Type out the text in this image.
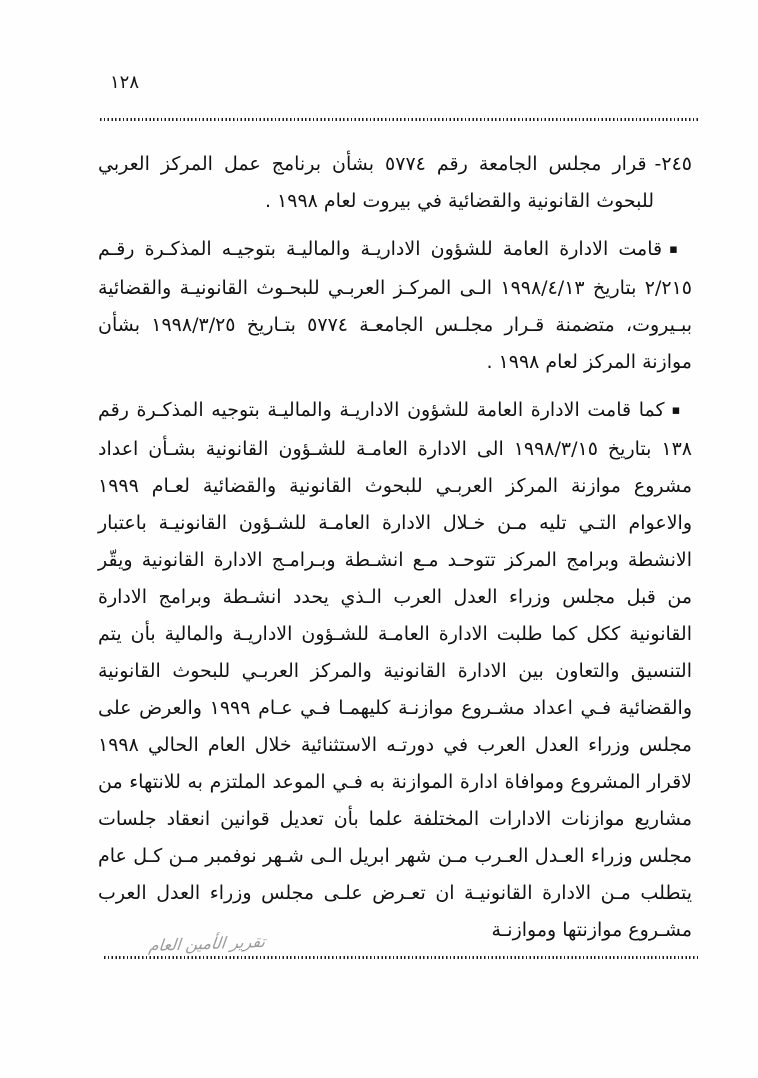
١٢٨

٢٤٥-قرار مجلس الجامعة رقم ٥٧٧٤ بشأن برنامج عمل المركز العربي للبحوث القانونية والقضائية في بيروت لعام ١٩٩٨ .

▪قامت الادارة العامة للشؤون الاداريـة والماليـة بتوجيـه المذكـرة رقـم ٢/٢١٥ بتاريخ ١٩٩٨/٤/١٣ الـى المركـز العربـي للبحـوث القانونيـة والقضائية ببـيروت، متضمنة قـرار مجلـس الجامعـة ٥٧٧٤ بتـاريخ ١٩٩٨/٣/٢٥ بشأن موازنة المركز لعام ١٩٩٨ .

▪كما قامت الادارة العامة للشؤون الاداريـة والماليـة بتوجيه المذكـرة رقم ١٣٨ بتاريخ ١٩٩٨/٣/١٥ الى الادارة العامـة للشـؤون القانونية بشـأن اعداد مشروع موازنة المركز العربـي للبحوث القانونية والقضائية لعـام ١٩٩٩ والاعوام التـي تليه مـن خـلال الادارة العامـة للشـؤون القانونيـة باعتبار الانشطة وبرامج المركز تتوحـد مـع انشـطة وبـرامـج الادارة القانونية ويقّر من قبل مجلس وزراء العدل العرب الـذي يحدد انشـطة وبرامج الادارة القانونية ككل كما طلبت الادارة العامـة للشـؤون الاداريـة والمالية بأن يتم التنسيق والتعاون بين الادارة القانونية والمركز العربـي للبحوث القانونية والقضائية فـي اعداد مشـروع موازنـة كليهمـا فـي عـام ١٩٩٩ والعرض على مجلس وزراء العدل العرب في دورتـه الاستثنائية خلال العام الحالي ١٩٩٨ لاقرار المشروع وموافاة ادارة الموازنة به فـي الموعد الملتزم به للانتهاء من مشاريع موازنات الادارات المختلفة علما بأن تعديل قوانين انعقاد جلسات مجلس وزراء العـدل العـرب مـن شهر ابريل الـى شـهر نوفمبر مـن كـل عام يتطلب مـن الادارة القانونيـة ان تعـرض علـى مجلس وزراء العدل العرب مشـروع موازنتها وموازنـة

تقرير الأمين العام
